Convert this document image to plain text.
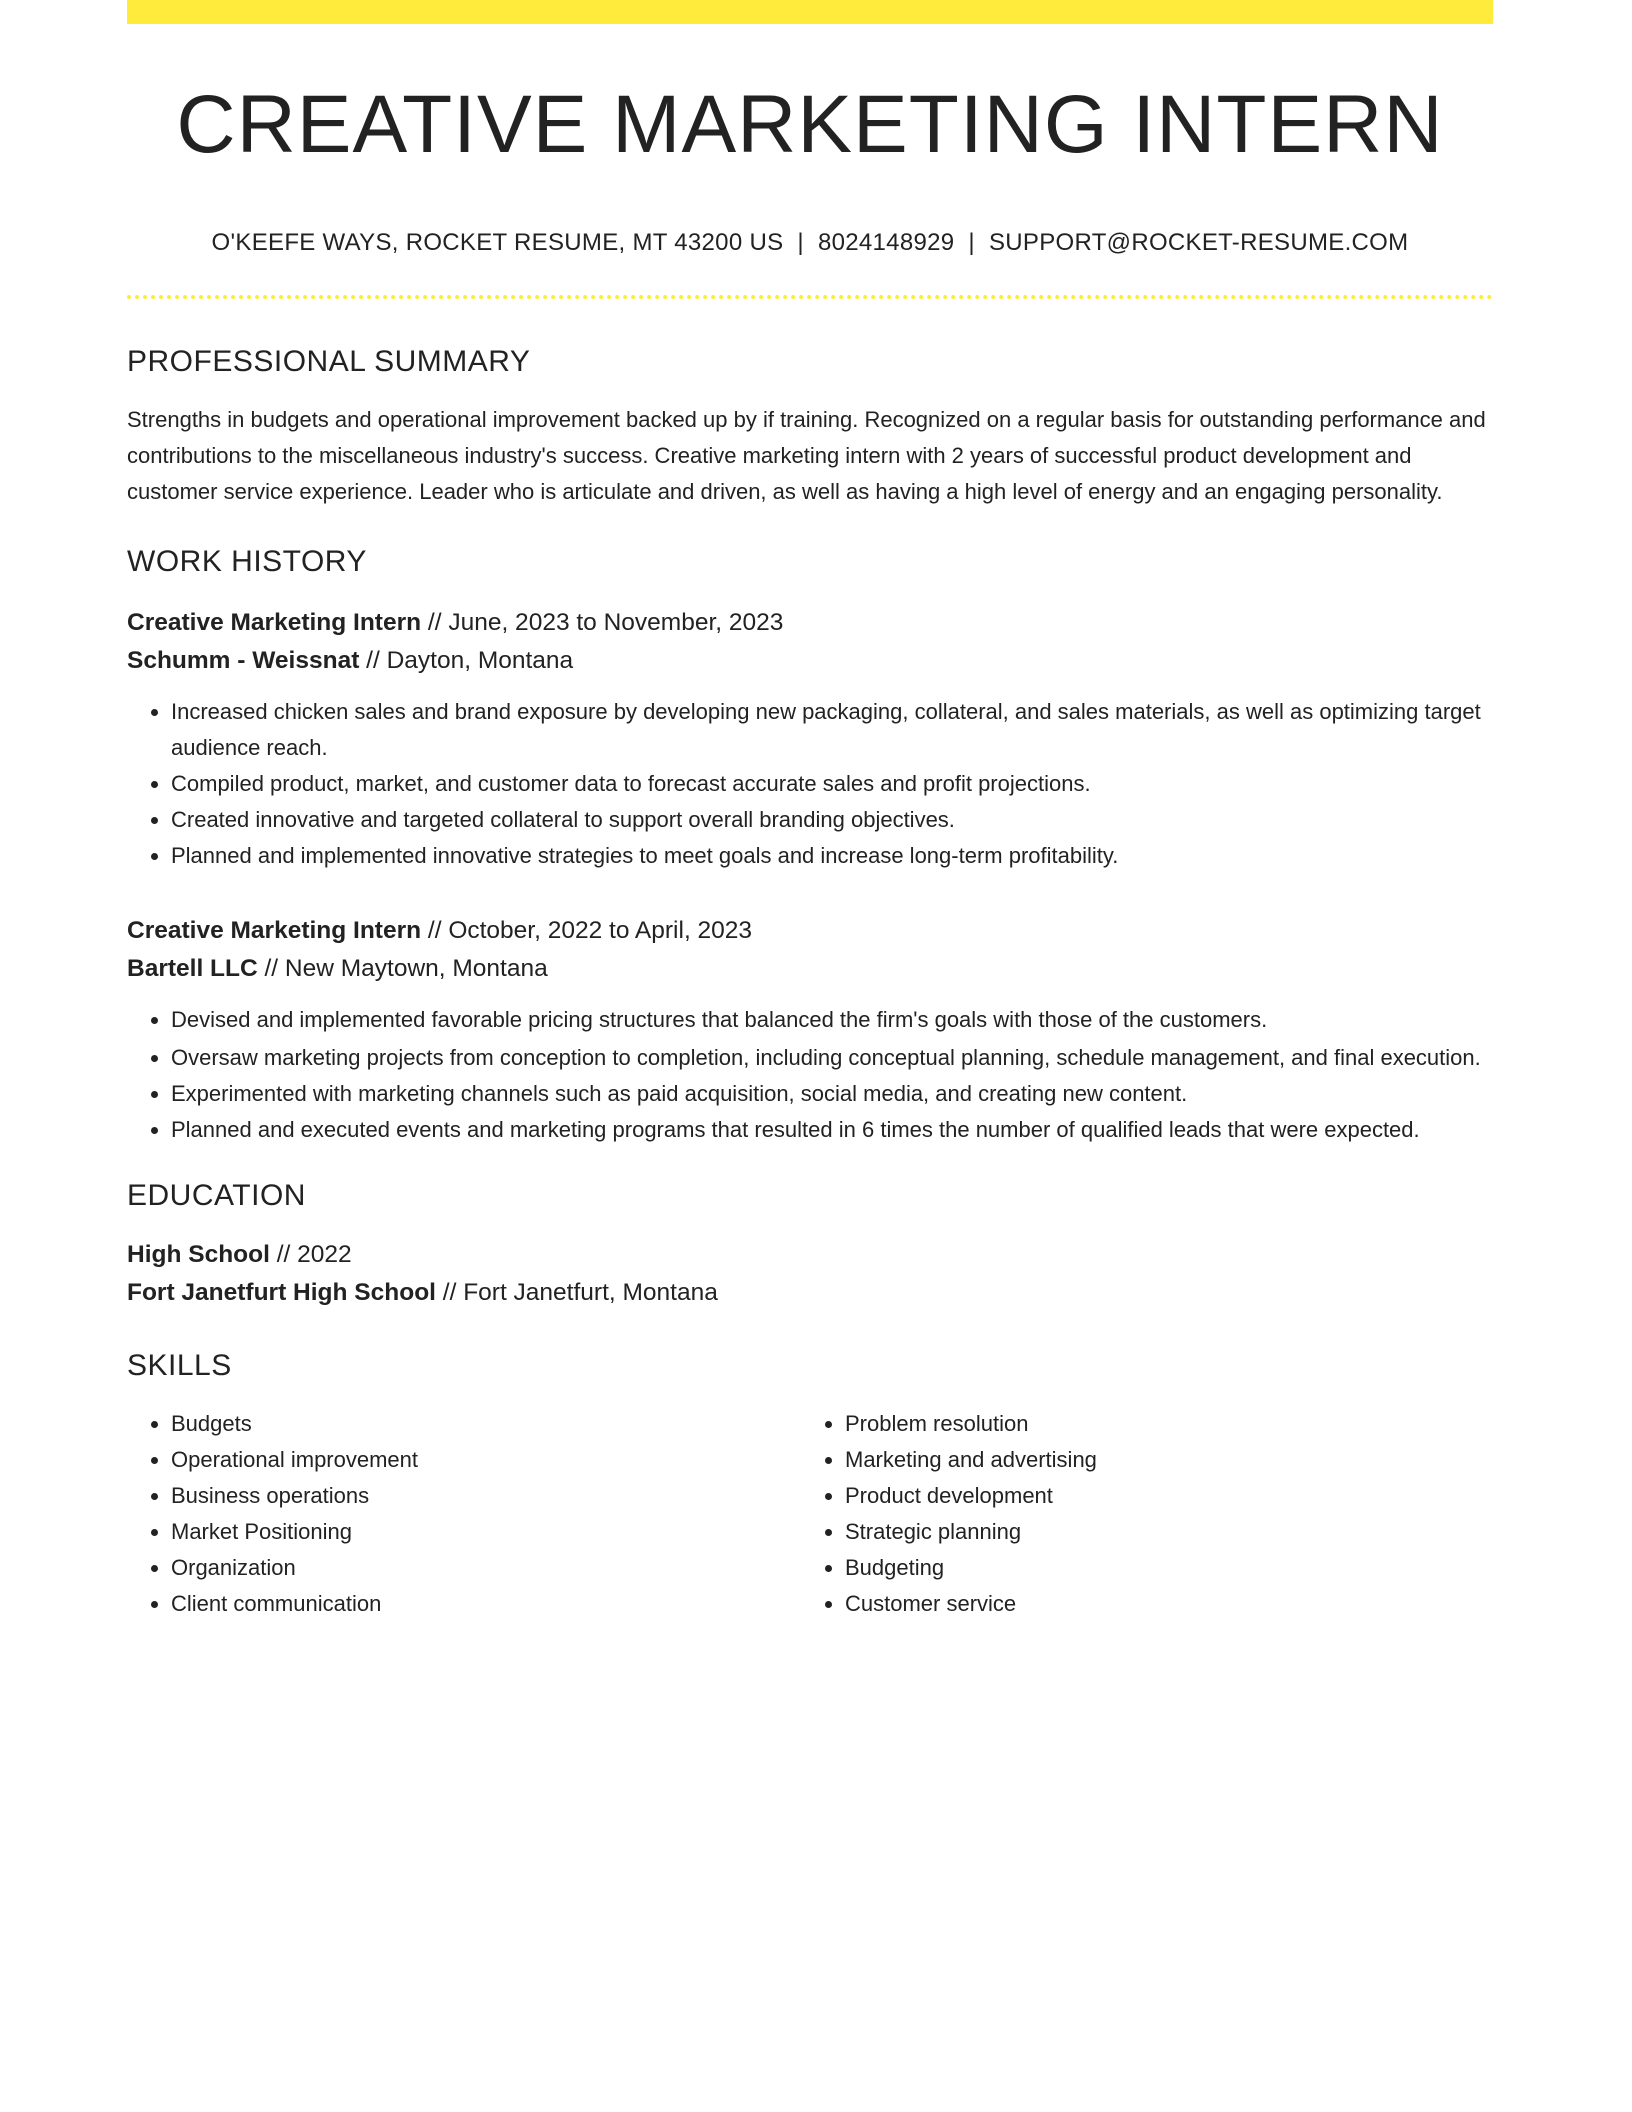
CREATIVE MARKETING INTERN
O'KEEFE WAYS, ROCKET RESUME, MT 43200 US | 8024148929 | SUPPORT@ROCKET-RESUME.COM
PROFESSIONAL SUMMARY
Strengths in budgets and operational improvement backed up by if training. Recognized on a regular basis for outstanding performance and contributions to the miscellaneous industry's success. Creative marketing intern with 2 years of successful product development and customer service experience. Leader who is articulate and driven, as well as having a high level of energy and an engaging personality.
WORK HISTORY
Creative Marketing Intern // June, 2023 to November, 2023
Schumm - Weissnat // Dayton, Montana
• Increased chicken sales and brand exposure by developing new packaging, collateral, and sales materials, as well as optimizing target audience reach.
• Compiled product, market, and customer data to forecast accurate sales and profit projections.
• Created innovative and targeted collateral to support overall branding objectives.
• Planned and implemented innovative strategies to meet goals and increase long-term profitability.
Creative Marketing Intern // October, 2022 to April, 2023
Bartell LLC // New Maytown, Montana
• Devised and implemented favorable pricing structures that balanced the firm's goals with those of the customers.
• Oversaw marketing projects from conception to completion, including conceptual planning, schedule management, and final execution.
• Experimented with marketing channels such as paid acquisition, social media, and creating new content.
• Planned and executed events and marketing programs that resulted in 6 times the number of qualified leads that were expected.
EDUCATION
High School // 2022
Fort Janetfurt High School // Fort Janetfurt, Montana
SKILLS
• Budgets
• Operational improvement
• Business operations
• Market Positioning
• Organization
• Client communication
• Problem resolution
• Marketing and advertising
• Product development
• Strategic planning
• Budgeting
• Customer service
